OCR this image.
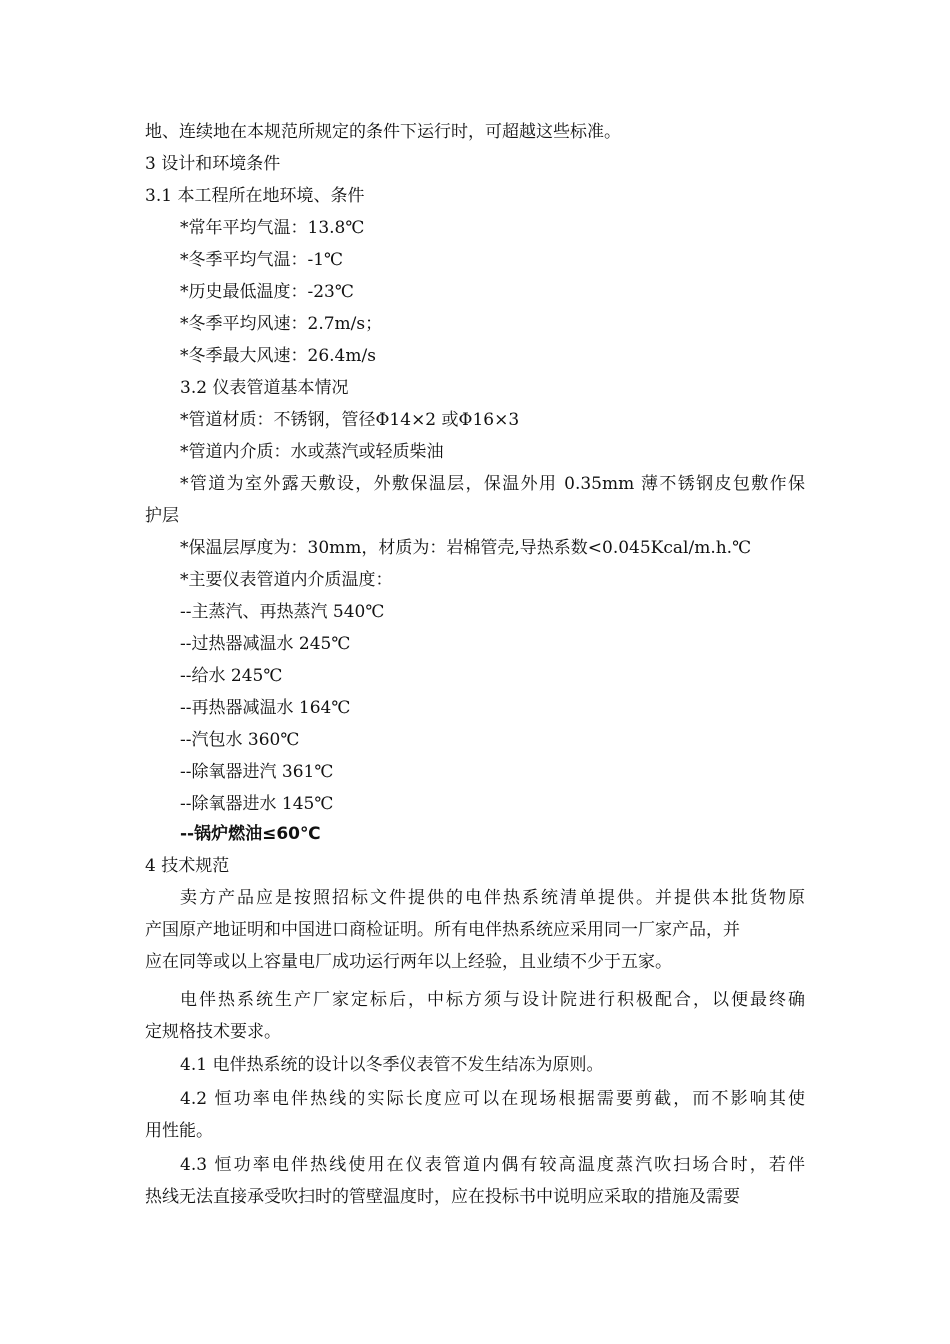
地、连续地在本规范所规定的条件下运行时，可超越这些标准。
3 设计和环境条件
3.1 本工程所在地环境、条件
*常年平均气温：13.8℃
*冬季平均气温：-1℃
*历史最低温度：-23℃
*冬季平均风速：2.7m/s；
*冬季最大风速：26.4m/s
3.2 仪表管道基本情况
*管道材质：不锈钢，管径Φ14×2 或Φ16×3
*管道内介质：水或蒸汽或轻质柴油
*管道为室外露天敷设，外敷保温层，保温外用 0.35mm 薄不锈钢皮包敷作保
护层
*保温层厚度为：30mm，材质为：岩棉管壳,导热系数<0.045Kcal/m.h.℃
*主要仪表管道内介质温度：
--主蒸汽、再热蒸汽 540℃
--过热器减温水 245℃
--给水 245℃
--再热器减温水 164℃
--汽包水 360℃
--除氧器进汽 361℃
--除氧器进水 145℃
--锅炉燃油≤60℃
4 技术规范
卖方产品应是按照招标文件提供的电伴热系统清单提供。并提供本批货物原
产国原产地证明和中国进口商检证明。所有电伴热系统应采用同一厂家产品，并
应在同等或以上容量电厂成功运行两年以上经验，且业绩不少于五家。
电伴热系统生产厂家定标后，中标方须与设计院进行积极配合，以便最终确
定规格技术要求。
4.1 电伴热系统的设计以冬季仪表管不发生结冻为原则。
4.2 恒功率电伴热线的实际长度应可以在现场根据需要剪截，而不影响其使
用性能。
4.3 恒功率电伴热线使用在仪表管道内偶有较高温度蒸汽吹扫场合时，若伴
热线无法直接承受吹扫时的管壁温度时，应在投标书中说明应采取的措施及需要
